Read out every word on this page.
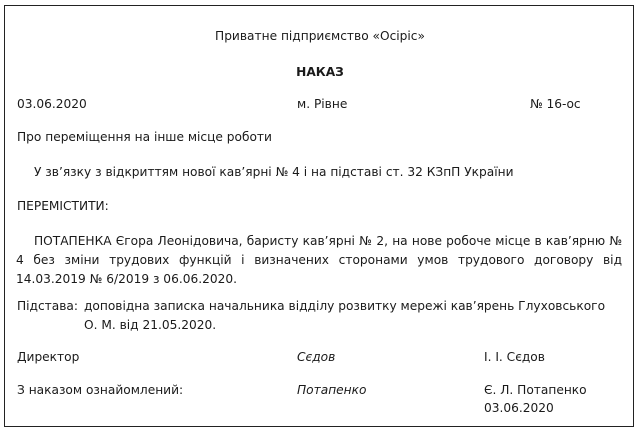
Приватне підприємство «Осіріс»
НАКАЗ
03.06.2020	м. Рівне	№ 16-ос
Про переміщення на інше місце роботи
У зв’язку з відкриттям нової кав’ярні № 4 і на підставі ст. 32 КЗпП України
ПЕРЕМІСТИТИ:
ПОТАПЕНКА Єгора Леонідовича, баристу кав’ярні № 2, на нове робоче місце в кав’ярню № 4 без зміни трудових функцій і визначених сторонами умов трудового договору від 14.03.2019 № 6/2019 з 06.06.2020.
Підстава: доповідна записка начальника відділу розвитку мережі кав’ярень Глуховського О. М. від 21.05.2020.
Директор	Сєдов	І. І. Сєдов
З наказом ознайомлений:	Потапенко	Є. Л. Потапенко
03.06.2020
